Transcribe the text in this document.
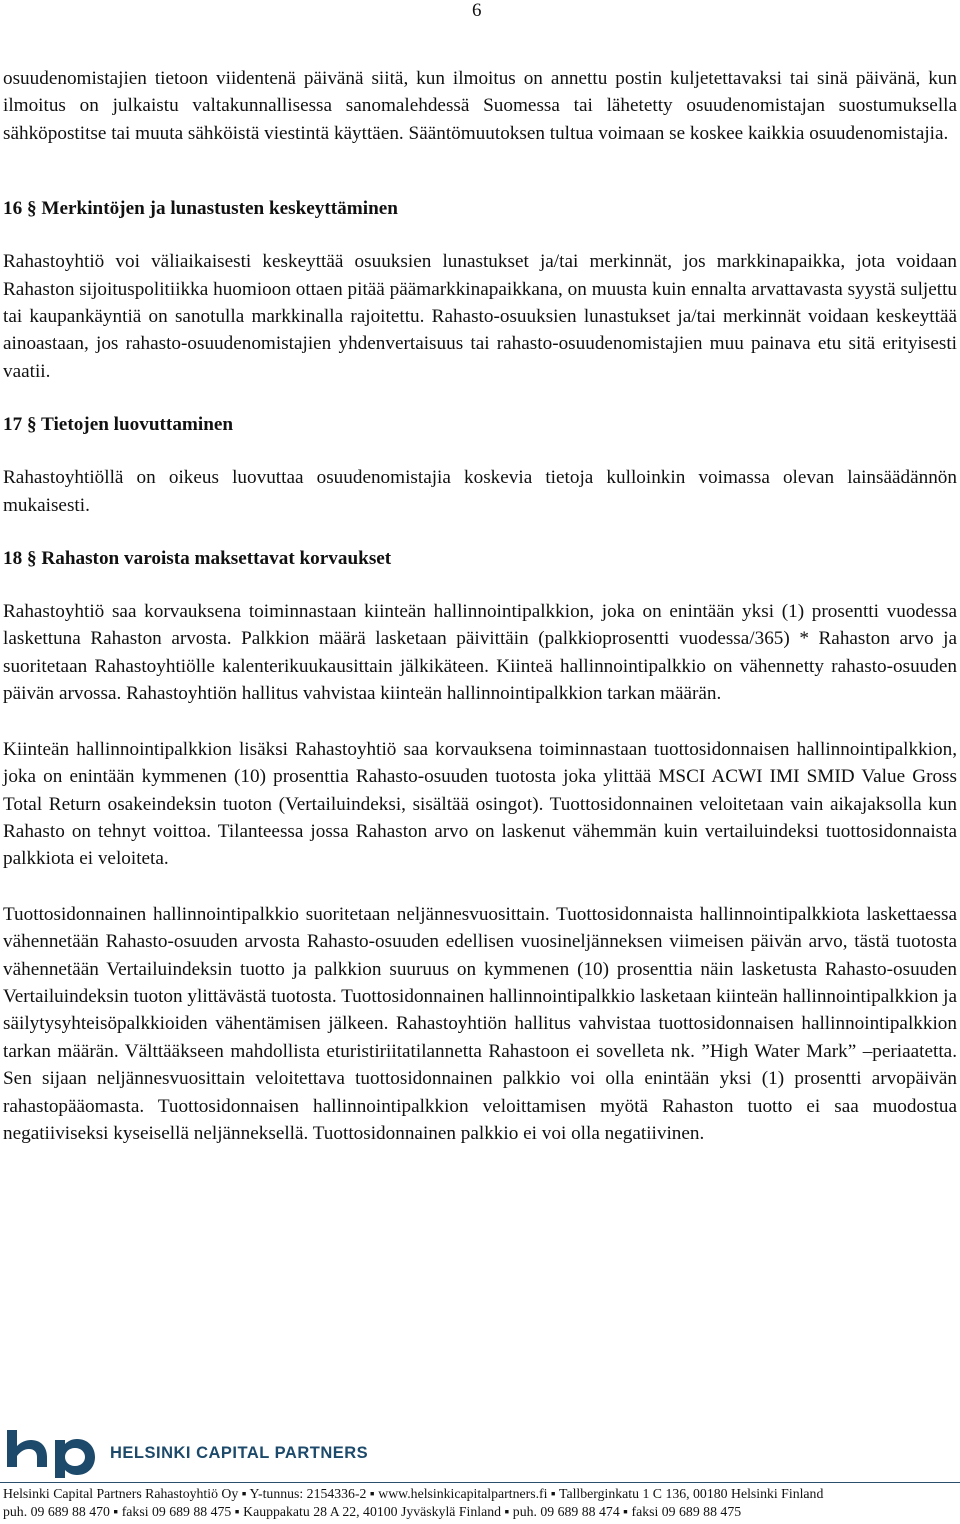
6

osuudenomistajien tietoon viidentenä päivänä siitä, kun ilmoitus on annettu postin kuljetettavaksi tai sinä päivänä, kun ilmoitus on julkaistu valtakunnallisessa sanomalehdessä Suomessa tai lähetetty osuudenomistajan suostumuksella sähköpostitse tai muuta sähköistä viestintä käyttäen. Sääntömuutoksen tultua voimaan se koskee kaikkia osuudenomistajia.

16 § Merkintöjen ja lunastusten keskeyttäminen

Rahastoyhtiö voi väliaikaisesti keskeyttää osuuksien lunastukset ja/tai merkinnät, jos markkinapaikka, jota voidaan Rahaston sijoituspolitiikka huomioon ottaen pitää päämarkkinapaikkana, on muusta kuin ennalta arvattavasta syystä suljettu tai kaupankäyntiä on sanotulla markkinalla rajoitettu. Rahasto-osuuksien lunastukset ja/tai merkinnät voidaan keskeyttää ainoastaan, jos rahasto-osuudenomistajien yhdenvertaisuus tai rahasto-osuudenomistajien muu painava etu sitä erityisesti vaatii.

17 § Tietojen luovuttaminen

Rahastoyhtiöllä on oikeus luovuttaa osuudenomistajia koskevia tietoja kulloinkin voimassa olevan lainsäädännön mukaisesti.

18 § Rahaston varoista maksettavat korvaukset

Rahastoyhtiö saa korvauksena toiminnastaan kiinteän hallinnointipalkkion, joka on enintään yksi (1) prosentti vuodessa laskettuna Rahaston arvosta. Palkkion määrä lasketaan päivittäin (palkkioprosentti vuodessa/365) * Rahaston arvo ja suoritetaan Rahastoyhtiölle kalenterikuukausittain jälkikäteen. Kiinteä hallinnointipalkkio on vähennetty rahasto-osuuden päivän arvossa. Rahastoyhtiön hallitus vahvistaa kiinteän hallinnointipalkkion tarkan määrän.

Kiinteän hallinnointipalkkion lisäksi Rahastoyhtiö saa korvauksena toiminnastaan tuottosidonnaisen hallinnointipalkkion, joka on enintään kymmenen (10) prosenttia Rahasto-osuuden tuotosta joka ylittää MSCI ACWI IMI SMID Value Gross Total Return osakeindeksin tuoton (Vertailuindeksi, sisältää osingot). Tuottosidonnainen veloitetaan vain aikajaksolla kun Rahasto on tehnyt voittoa. Tilanteessa jossa Rahaston arvo on laskenut vähemmän kuin vertailuindeksi tuottosidonnaista palkkiota ei veloiteta.

Tuottosidonnainen hallinnointipalkkio suoritetaan neljännesvuosittain. Tuottosidonnaista hallinnointipalkkiota laskettaessa vähennetään Rahasto-osuuden arvosta Rahasto-osuuden edellisen vuosineljänneksen viimeisen päivän arvo, tästä tuotosta vähennetään Vertailuindeksin tuotto ja palkkion suuruus on kymmenen (10) prosenttia näin lasketusta Rahasto-osuuden Vertailuindeksin tuoton ylittävästä tuotosta. Tuottosidonnainen hallinnointipalkkio lasketaan kiinteän hallinnointipalkkion ja säilytysyhteisöpalkkioiden vähentämisen jälkeen. Rahastoyhtiön hallitus vahvistaa tuottosidonnaisen hallinnointipalkkion tarkan määrän. Välttääkseen mahdollista eturistiriitatilannetta Rahastoon ei sovelleta nk. ”High Water Mark” –periaatetta. Sen sijaan neljännesvuosittain veloitettava tuottosidonnainen palkkio voi olla enintään yksi (1) prosentti arvopäivän rahastopääomasta. Tuottosidonnaisen hallinnointipalkkion veloittamisen myötä Rahaston tuotto ei saa muodostua negatiiviseksi kyseisellä neljänneksellä. Tuottosidonnainen palkkio ei voi olla negatiivinen.

HELSINKI CAPITAL PARTNERS
Helsinki Capital Partners Rahastoyhtiö Oy ▪ Y-tunnus: 2154336-2 ▪ www.helsinkicapitalpartners.fi ▪ Tallberginkatu 1 C 136, 00180 Helsinki Finland
puh. 09 689 88 470 ▪ faksi 09 689 88 475 ▪ Kauppakatu 28 A 22, 40100 Jyväskylä Finland ▪ puh. 09 689 88 474 ▪ faksi 09 689 88 475
